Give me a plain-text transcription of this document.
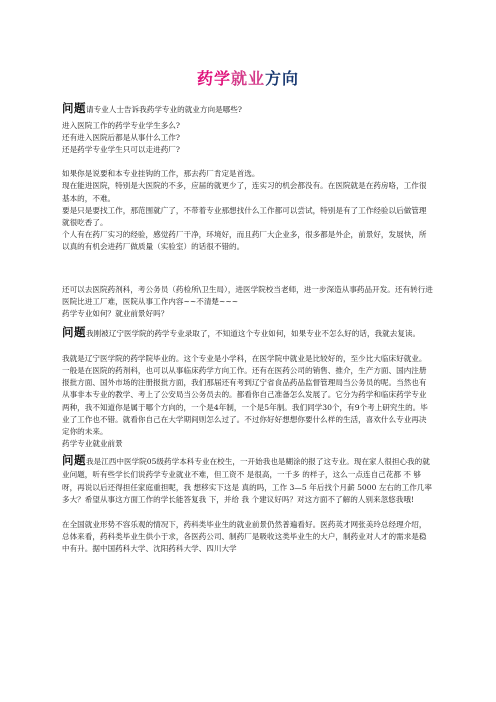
药学就业方向

问题请专业人士告诉我药学专业的就业方向是哪些?

进入医院工作的药学专业学生多么?

还有进入医院后都是从事什么工作?

还是药学专业学生只可以走进药厂?

如果你是说要和本专业挂钩的工作，那去药厂肯定是首选。

现在能进医院，特别是大医院的不多，应届的就更少了，连实习的机会都没有。在医院就是在药房咯，工作很基本的，不难。

要是只是要找工作，那范围就广了，不带着专业那想找什么工作都可以尝试，特别是有了工作经验以后做管理就很吃香了。

个人有在药厂实习的经验，感觉药厂干净，环境好，而且药厂大企业多，很多都是外企，前景好，发展快，所以真的有机会进药厂做质量（实验室）的话很不错的。

还可以去医院药剂科，考公务员（药检所\卫生局），进医学院校当老师，进一步深造从事药品开发。还有转行进医院比进工厂难，医院从事工作内容~~不清楚~~~

药学专业如何？就业前景好吗？

问题我刚被辽宁医学院的药学专业录取了，不知道这个专业如何，如果专业不怎么好的话，我就去复读。

我就是辽宁医学院的药学院毕业的。这个专业是小学科，在医学院中就业是比较好的，至少比大临床好就业。一般是在医院的药剂科，也可以从事临床药学方向工作。还有在医药公司的销售、推介，生产方面、国内注册报批方面、国外市场的注册报批方面，我们那届还有考到辽宁省食品药品监督管理局当公务员的呢。当然也有从事非本专业的教学、考上了公安局当公务员去的。都看你自己准备怎么发展了。它分为药学和临床药学专业两种，我不知道你是属于哪个方向的，一个是4年制，一个是5年制。我们同学30个，有9个考上研究生的。毕业了工作也不错。就看你自己在大学期间则怎么过了。不过你好好想想你要什么样的生活，喜欢什么专业再决定你的未来。

药学专业就业前景

问题我是江西中医学院05级药学本科专业在校生，一开始我也是糊涂的报了这专业。现在家人很担心我的就业问题，听有些学长们说药学专业就业不难，但工资不 是很高，一千多 的样子，这么一点连自己花都 不 够呀，再说以后还得担任家庭重担呢，我 想移实下这是 真的吗，工作 3—5 年后找个月薪 5000 左右的工作几率 多大？希望从事这方面工作的学长能答复我 下，并给 我 个建议好吗？对这方面不了解的人别来忽悠我哦!

在全国就业形势不容乐观的情况下，药科类毕业生的就业前景仍然普遍看好。医药英才网张美玲总经理介绍，总体来看，药科类毕业生供小于求，各医药公司、制药厂是吸收这类毕业生的大户，制药业对人才的需求是稳中有升。据中国药科大学、沈阳药科大学、四川大学
